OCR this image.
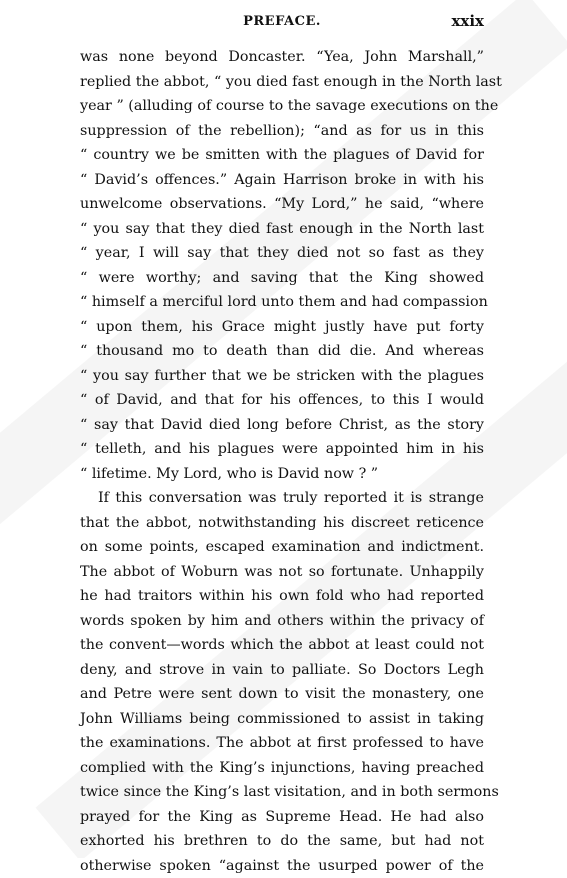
PREFACE.	xxix
was none beyond Doncaster. “Yea, John Marshall,”
replied the abbot, “ you died fast enough in the North last
year ” (alluding of course to the savage executions on the
suppression of the rebellion); “and as for us in this
“ country we be smitten with the plagues of David for
“ David’s offences.” Again Harrison broke in with his
unwelcome observations. “My Lord,” he said, “where
“ you say that they died fast enough in the North last
“ year, I will say that they died not so fast as they
“ were worthy; and saving that the King showed
“ himself a merciful lord unto them and had compassion
“ upon them, his Grace might justly have put forty
“ thousand mo to death than did die. And whereas
“ you say further that we be stricken with the plagues
“ of David, and that for his offences, to this I would
“ say that David died long before Christ, as the story
“ telleth, and his plagues were appointed him in his
“ lifetime. My Lord, who is David now ? ”
If this conversation was truly reported it is strange
that the abbot, notwithstanding his discreet reticence
on some points, escaped examination and indictment.
The abbot of Woburn was not so fortunate. Unhappily
he had traitors within his own fold who had reported
words spoken by him and others within the privacy of
the convent—words which the abbot at least could not
deny, and strove in vain to palliate. So Doctors Legh
and Petre were sent down to visit the monastery, one
John Williams being commissioned to assist in taking
the examinations. The abbot at first professed to have
complied with the King’s injunctions, having preached
twice since the King’s last visitation, and in both sermons
prayed for the King as Supreme Head. He had also
exhorted his brethren to do the same, but had not
otherwise spoken “against the usurped power of the
